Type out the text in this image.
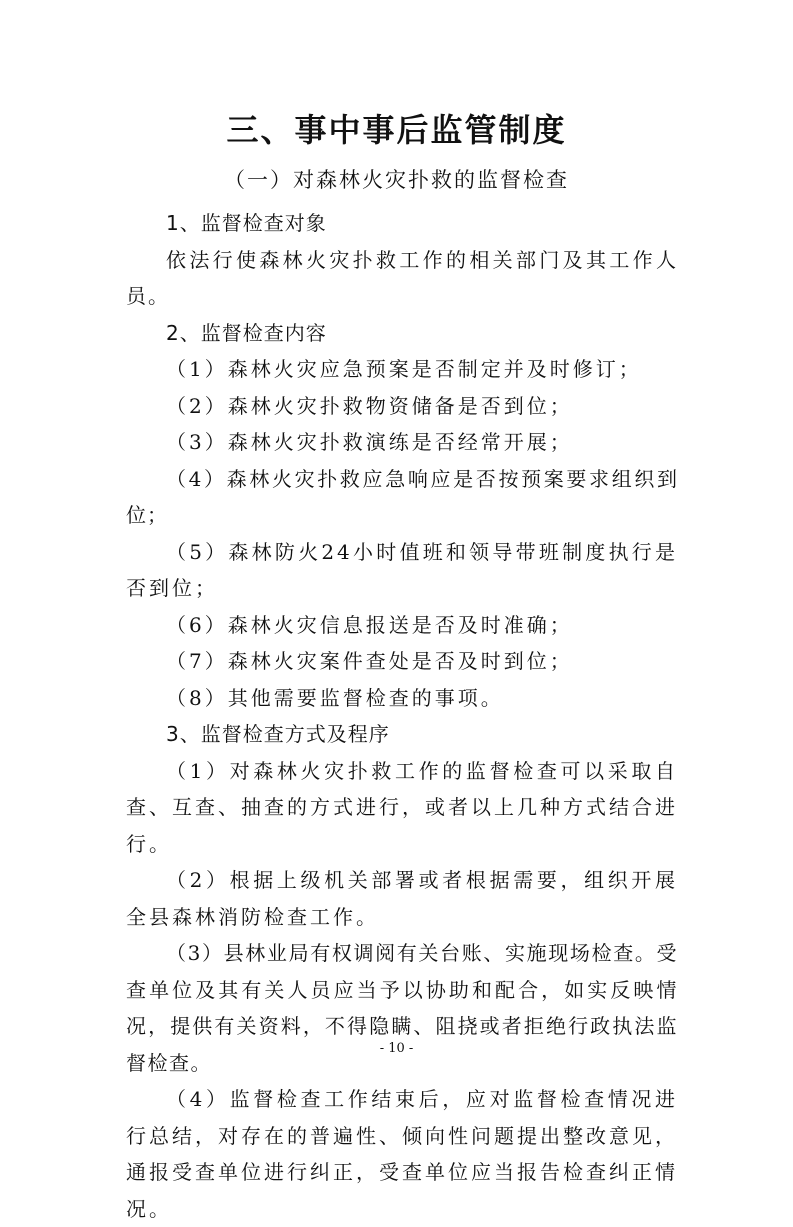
三、事中事后监管制度
（一）对森林火灾扑救的监督检查

1、监督检查对象

依法行使森林火灾扑救工作的相关部门及其工作人员。

2、监督检查内容

（1）森林火灾应急预案是否制定并及时修订；

（2）森林火灾扑救物资储备是否到位；

（3）森林火灾扑救演练是否经常开展；

（4）森林火灾扑救应急响应是否按预案要求组织到位；

（5）森林防火24小时值班和领导带班制度执行是否到位；

（6）森林火灾信息报送是否及时准确；

（7）森林火灾案件查处是否及时到位；

（8）其他需要监督检查的事项。

3、监督检查方式及程序

（1）对森林火灾扑救工作的监督检查可以采取自查、互查、抽查的方式进行，或者以上几种方式结合进行。

（2）根据上级机关部署或者根据需要，组织开展全县森林消防检查工作。

（3）县林业局有权调阅有关台账、实施现场检查。受查单位及其有关人员应当予以协助和配合，如实反映情况，提供有关资料，不得隐瞒、阻挠或者拒绝行政执法监督检查。

（4）监督检查工作结束后，应对监督检查情况进行总结，对存在的普遍性、倾向性问题提出整改意见，通报受查单位进行纠正，受查单位应当报告检查纠正情况。

- 10 -
